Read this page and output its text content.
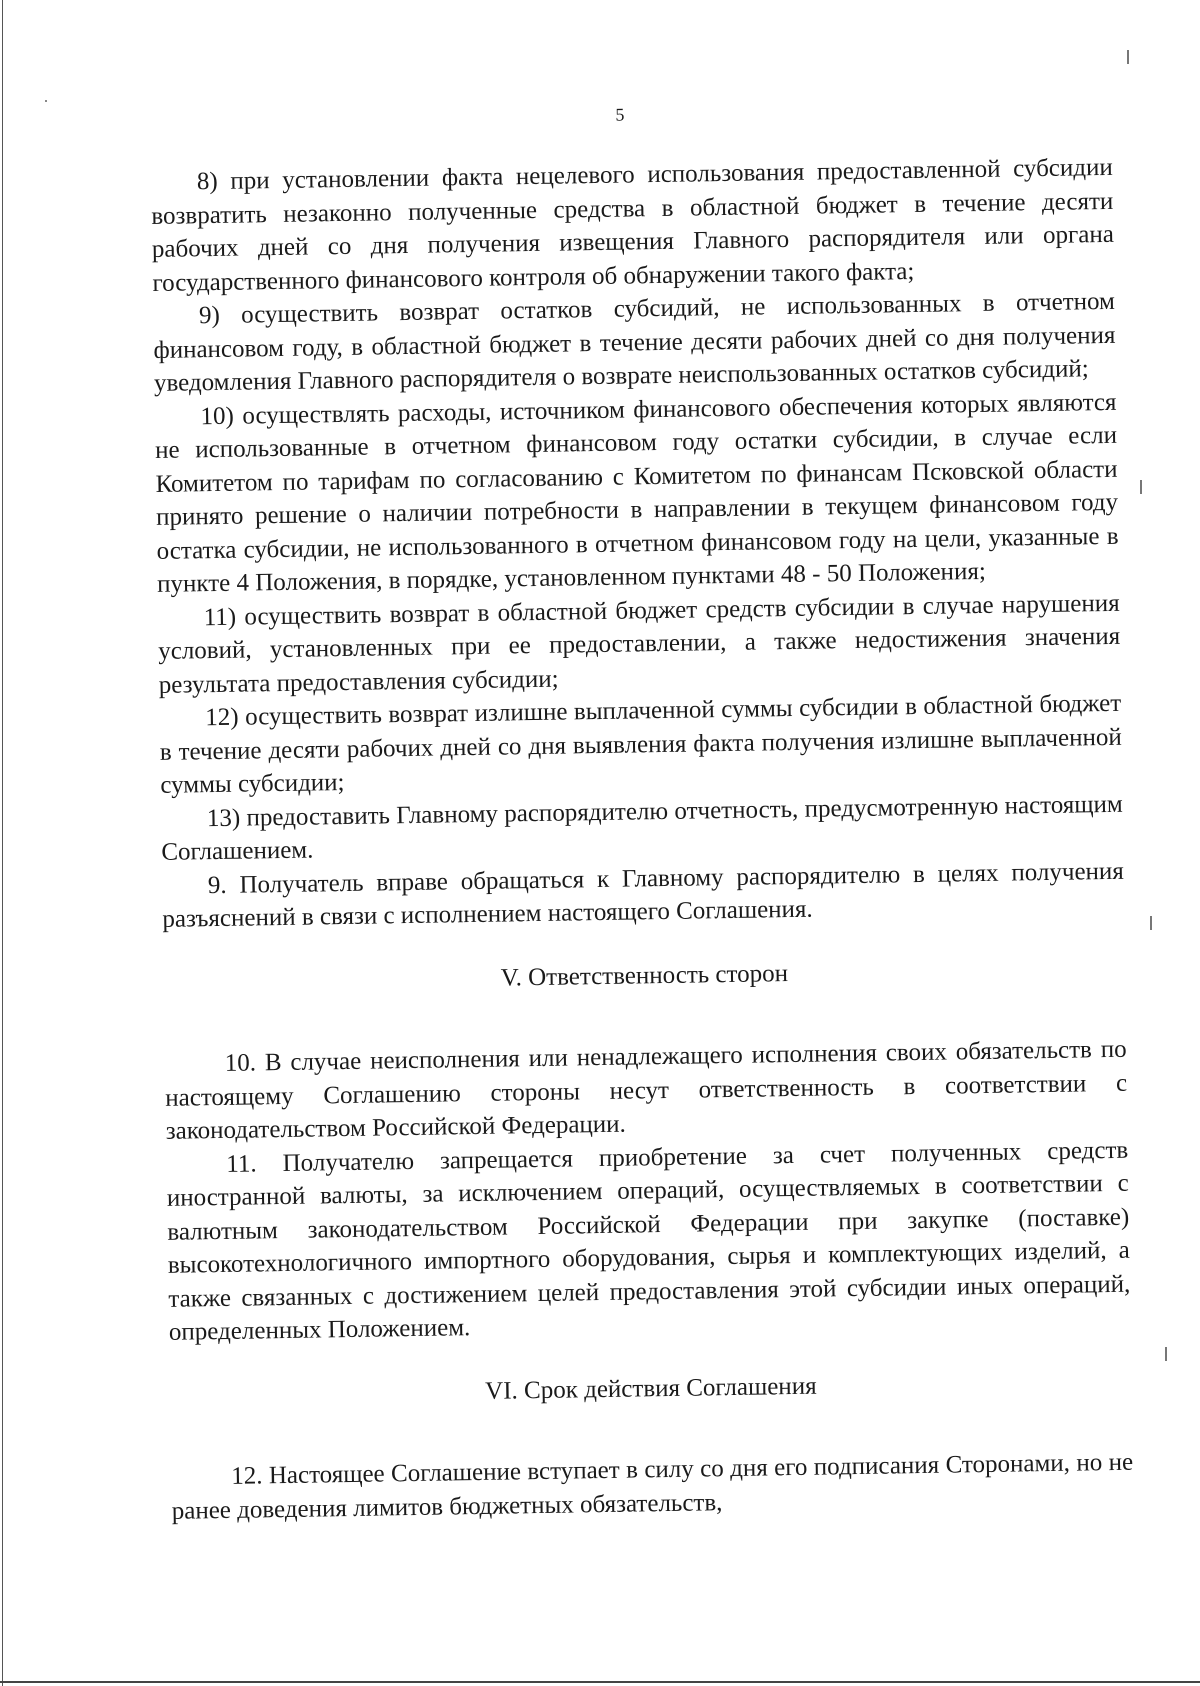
5

8) при установлении факта нецелевого использования предоставленной субсидии возвратить незаконно полученные средства в областной бюджет в течение десяти рабочих дней со дня получения извещения Главного распорядителя или органа государственного финансового контроля об обнаружении такого факта;

9) осуществить возврат остатков субсидий, не использованных в отчетном финансовом году, в областной бюджет в течение десяти рабочих дней со дня получения уведомления Главного распорядителя о возврате неиспользованных остатков субсидий;

10) осуществлять расходы, источником финансового обеспечения которых являются не использованные в отчетном финансовом году остатки субсидии, в случае если Комитетом по тарифам по согласованию с Комитетом по финансам Псковской области принято решение о наличии потребности в направлении в текущем финансовом году остатка субсидии, не использованного в отчетном финансовом году на цели, указанные в пункте 4 Положения, в порядке, установленном пунктами 48 - 50 Положения;

11) осуществить возврат в областной бюджет средств субсидии в случае нарушения условий, установленных при ее предоставлении, а также недостижения значения результата предоставления субсидии;

12) осуществить возврат излишне выплаченной суммы субсидии в областной бюджет в течение десяти рабочих дней со дня выявления факта получения излишне выплаченной суммы субсидии;

13) предоставить Главному распорядителю отчетность, предусмотренную настоящим Соглашением.

9. Получатель вправе обращаться к Главному распорядителю в целях получения разъяснений в связи с исполнением настоящего Соглашения.

V. Ответственность сторон

10. В случае неисполнения или ненадлежащего исполнения своих обязательств по настоящему Соглашению стороны несут ответственность в соответствии с законодательством Российской Федерации.

11. Получателю запрещается приобретение за счет полученных средств иностранной валюты, за исключением операций, осуществляемых в соответствии с валютным законодательством Российской Федерации при закупке (поставке) высокотехнологичного импортного оборудования, сырья и комплектующих изделий, а также связанных с достижением целей предоставления этой субсидии иных операций, определенных Положением.

VI. Срок действия Соглашения

12. Настоящее Соглашение вступает в силу со дня его подписания Сторонами, но не ранее доведения лимитов бюджетных обязательств,
